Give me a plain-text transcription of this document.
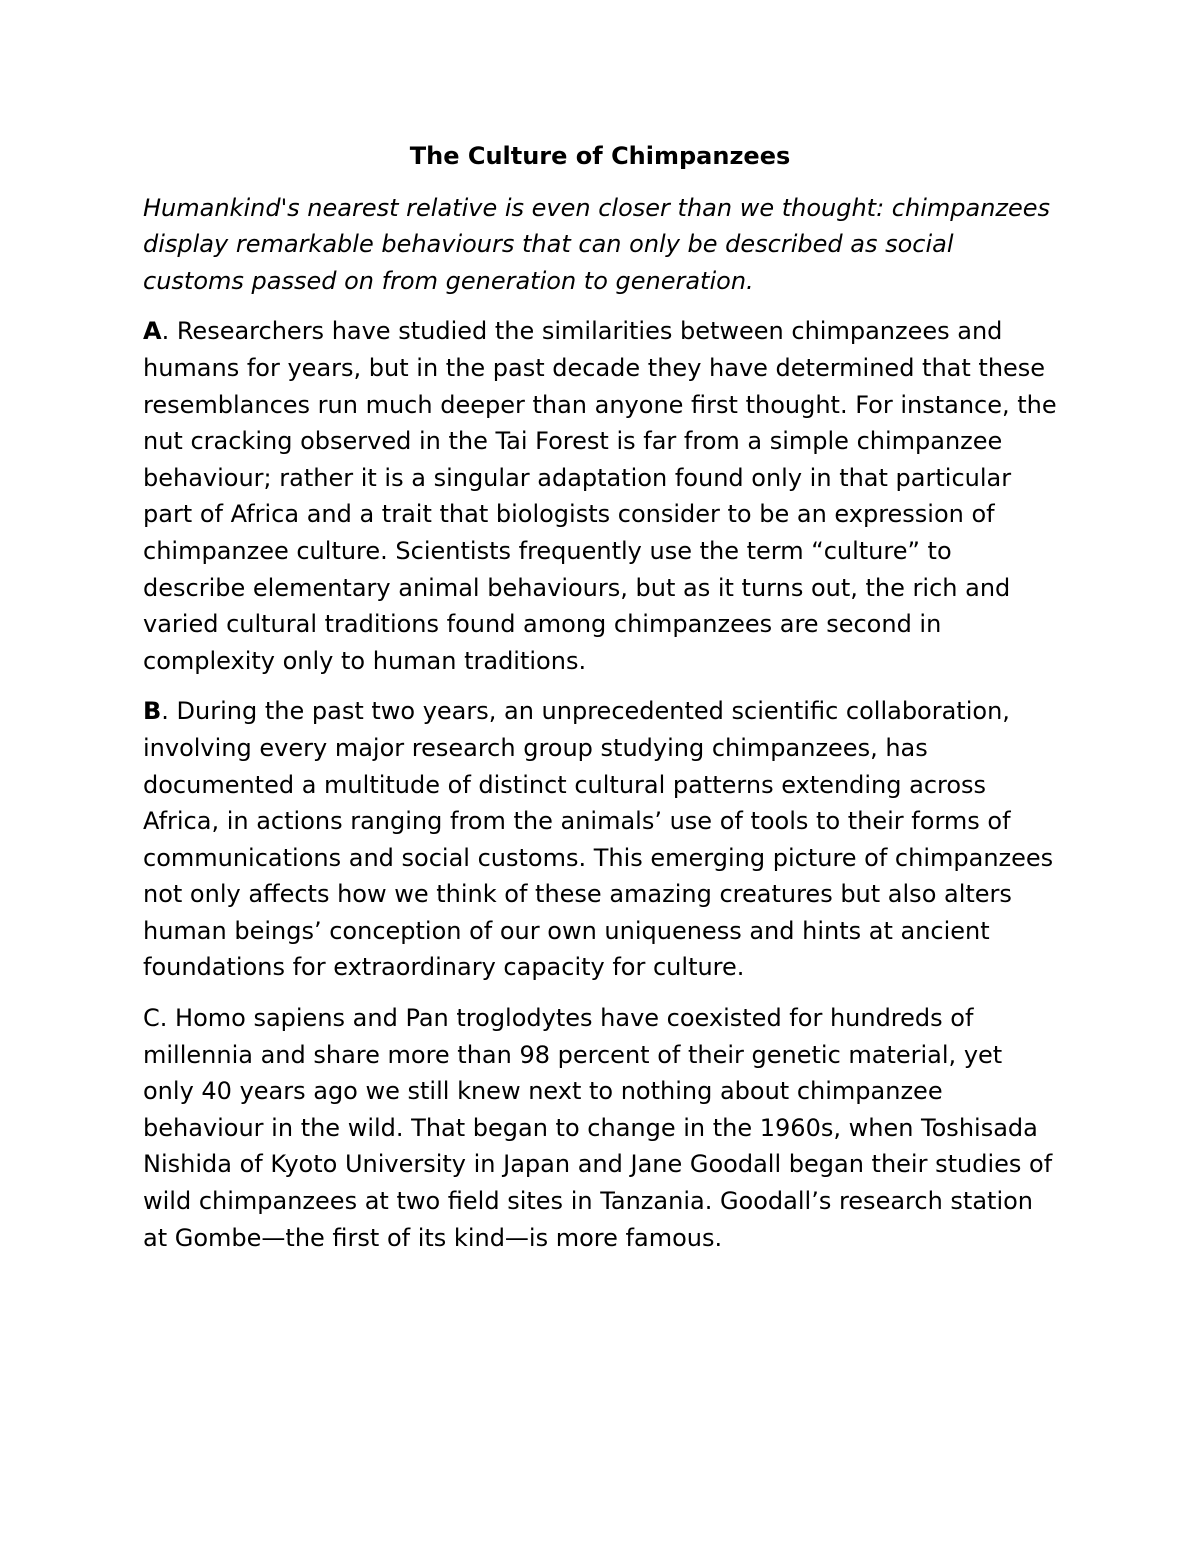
The Culture of Chimpanzees

Humankind's nearest relative is even closer than we thought: chimpanzees display remarkable behaviours that can only be described as social customs passed on from generation to generation.

A. Researchers have studied the similarities between chimpanzees and humans for years, but in the past decade they have determined that these resemblances run much deeper than anyone first thought. For instance, the nut cracking observed in the Tai Forest is far from a simple chimpanzee behaviour; rather it is a singular adaptation found only in that particular part of Africa and a trait that biologists consider to be an expression of chimpanzee culture. Scientists frequently use the term “culture” to describe elementary animal behaviours, but as it turns out, the rich and varied cultural traditions found among chimpanzees are second in complexity only to human traditions.

B. During the past two years, an unprecedented scientific collaboration, involving every major research group studying chimpanzees, has documented a multitude of distinct cultural patterns extending across Africa, in actions ranging from the animals’ use of tools to their forms of communications and social customs. This emerging picture of chimpanzees not only affects how we think of these amazing creatures but also alters human beings’ conception of our own uniqueness and hints at ancient foundations for extraordinary capacity for culture.

C. Homo sapiens and Pan troglodytes have coexisted for hundreds of millennia and share more than 98 percent of their genetic material, yet only 40 years ago we still knew next to nothing about chimpanzee behaviour in the wild. That began to change in the 1960s, when Toshisada Nishida of Kyoto University in Japan and Jane Goodall began their studies of wild chimpanzees at two field sites in Tanzania. Goodall’s research station at Gombe—the first of its kind—is more famous.
